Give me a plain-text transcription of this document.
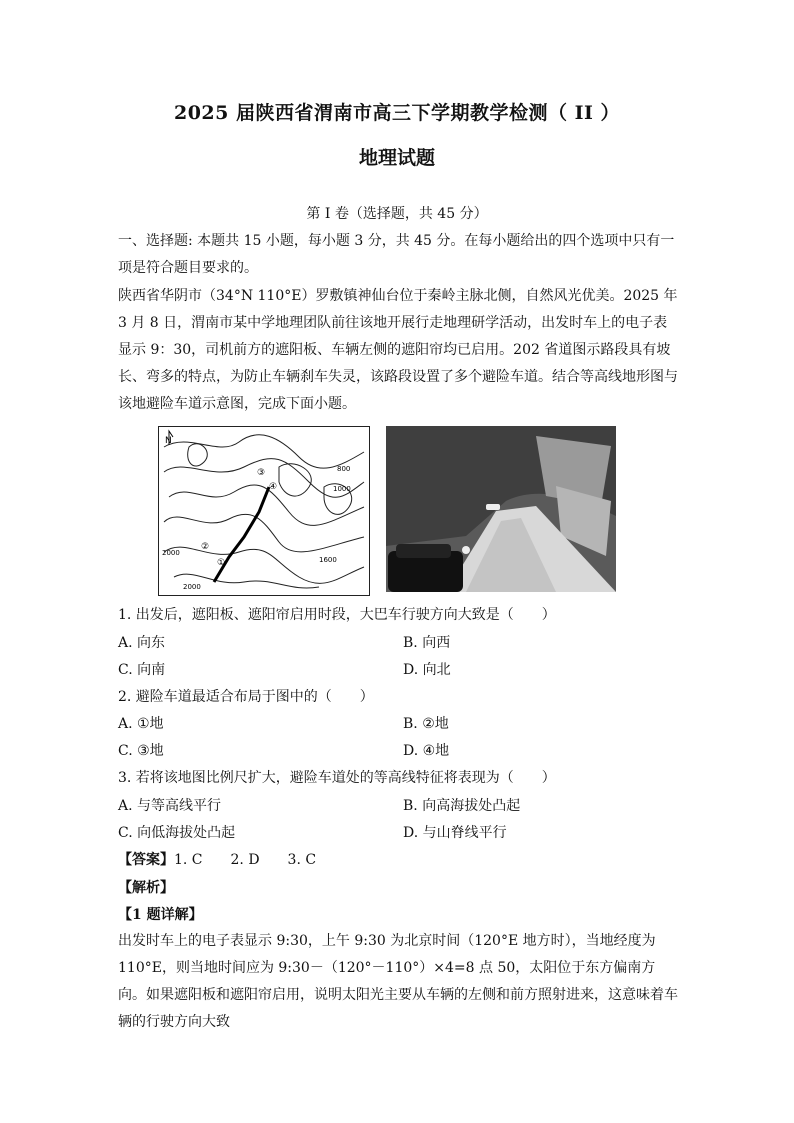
2025 届陕西省渭南市高三下学期教学检测（ II ）
地理试题
第 I 卷（选择题，共 45 分）
一、选择题: 本题共 15 小题，每小题 3 分，共 45 分。在每小题给出的四个选项中只有一项是符合题目要求的。
陕西省华阴市（34°N 110°E）罗敷镇神仙台位于秦岭主脉北侧，自然风光优美。2025 年 3 月 8 日，渭南市某中学地理团队前往该地开展行走地理研学活动，出发时车上的电子表显示 9：30，司机前方的遮阳板、车辆左侧的遮阳帘均已启用。202 省道图示路段具有坡长、弯多的特点，为防止车辆刹车失灵，该路段设置了多个避险车道。结合等高线地形图与该地避险车道示意图，完成下面小题。
N
800
1000
2000
1600
2000
①
②
③
④
1. 出发后，遮阳板、遮阳帘启用时段，大巴车行驶方向大致是（　　）
A. 向东	B. 向西
C. 向南	D. 向北
2. 避险车道最适合布局于图中的（　　）
A. ①地	B. ②地
C. ③地	D. ④地
3. 若将该地图比例尺扩大，避险车道处的等高线特征将表现为（　　）
A. 与等高线平行	B. 向高海拔处凸起
C. 向低海拔处凸起	D. 与山脊线平行
【答案】1. C　　2. D　　3. C
【解析】
【1 题详解】
出发时车上的电子表显示 9:30，上午 9:30 为北京时间（120°E 地方时），当地经度为 110°E，则当地时间应为 9:30－（120°－110°）×4=8 点 50，太阳位于东方偏南方向。如果遮阳板和遮阳帘启用，说明太阳光主要从车辆的左侧和前方照射进来，这意味着车辆的行驶方向大致
